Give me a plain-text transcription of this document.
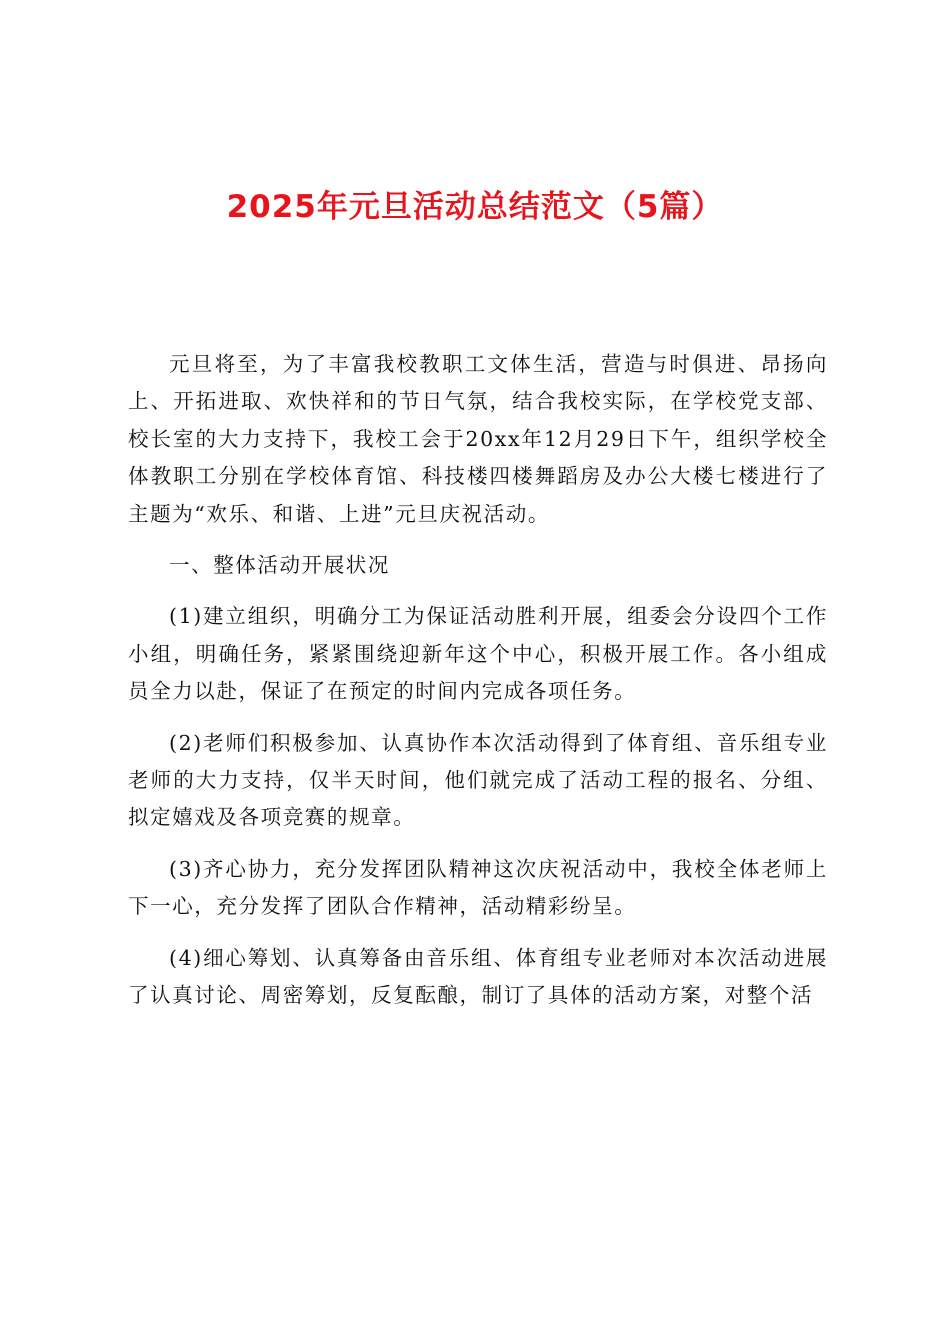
2025年元旦活动总结范文（5篇）

元旦将至，为了丰富我校教职工文体生活，营造与时俱进、昂扬向上、开拓进取、欢快祥和的节日气氛，结合我校实际，在学校党支部、校长室的大力支持下，我校工会于20xx年12月29日下午，组织学校全体教职工分别在学校体育馆、科技楼四楼舞蹈房及办公大楼七楼进行了主题为“欢乐、和谐、上进”元旦庆祝活动。

一、整体活动开展状况

(1)建立组织，明确分工为保证活动胜利开展，组委会分设四个工作小组，明确任务，紧紧围绕迎新年这个中心，积极开展工作。各小组成员全力以赴，保证了在预定的时间内完成各项任务。

(2)老师们积极参加、认真协作本次活动得到了体育组、音乐组专业老师的大力支持，仅半天时间，他们就完成了活动工程的报名、分组、拟定嬉戏及各项竞赛的规章。

(3)齐心协力，充分发挥团队精神这次庆祝活动中，我校全体老师上下一心，充分发挥了团队合作精神，活动精彩纷呈。

(4)细心筹划、认真筹备由音乐组、体育组专业老师对本次活动进展了认真讨论、周密筹划，反复酝酿，制订了具体的活动方案，对整个活
